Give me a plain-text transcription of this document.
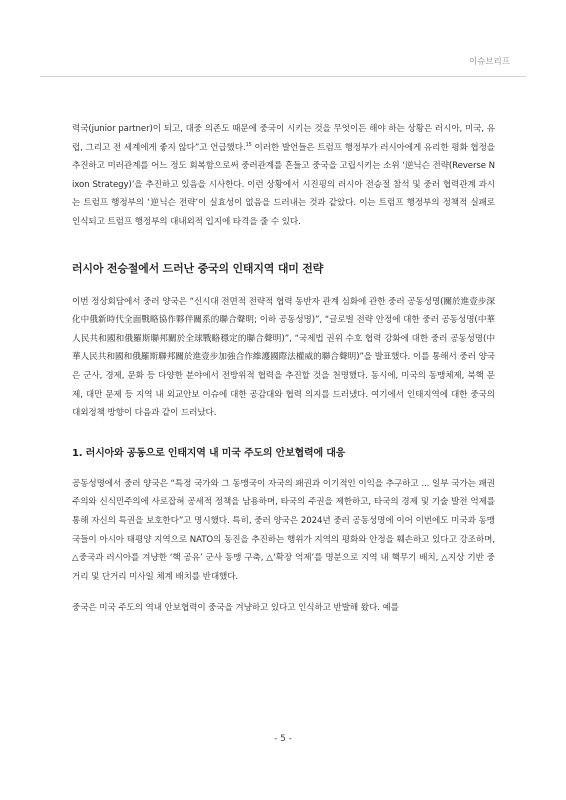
이슈브리프

력국(junior partner)이 되고, 대중 의존도 때문에 중국이 시키는 것을 무엇이든 해야 하는 상황은 러시아, 미국, 유럽, 그리고 전 세계에게 좋지 않다”고 언급했다.$^{15}$ 이러한 발언들은 트럼프 행정부가 러시아에게 유리한 평화 협정을 추진하고 미러관계를 어느 정도 회복함으로써 중러관계를 흔들고 중국을 고립시키는 소위 ‘逆닉슨 전략(Reverse Nixon Strategy)’을 추진하고 있음을 시사한다. 이런 상황에서 시진핑의 러시아 전승절 참석 및 중러 협력관계 과시는 트럼프 행정부의 ‘逆닉슨 전략’이 실효성이 없음을 드러내는 것과 같았다. 이는 트럼프 행정부의 정책적 실패로 인식되고 트럼프 행정부의 대내외적 입지에 타격을 줄 수 있다.

러시아 전승절에서 드러난 중국의 인태지역 대미 전략

이번 정상회담에서 중러 양국은 “신시대 전면적 전략적 협력 동반자 관계 심화에 관한 중러 공동성명(關於進壹步深化中俄新時代全面戰略協作夥伴關系的聯合聲明; 이하 공동성명)”, “글로벌 전략 안정에 대한 중러 공동성명(中華人民共和國和俄羅斯聯邦關於全球戰略穩定的聯合聲明)”, “국제법 권위 수호 협력 강화에 대한 중러 공동성명(中華人民共和國和俄羅斯聯邦關於進壹步加強合作維護國際法權威的聯合聲明)”을 발표했다. 이를 통해서 중러 양국은 군사, 경제, 문화 등 다양한 분야에서 전방위적 협력을 추진할 것을 천명했다. 동시에, 미국의 동맹체제, 북핵 문제, 대만 문제 등 지역 내 외교안보 이슈에 대한 공감대와 협력 의지를 드러냈다. 여기에서 인태지역에 대한 중국의 대외정책 방향이 다음과 같이 드러났다.

1. 러시아와 공동으로 인태지역 내 미국 주도의 안보협력에 대응

공동성명에서 중러 양국은 “특정 국가와 그 동맹국이 자국의 패권과 이기적인 이익을 추구하고 ... 일부 국가는 패권주의와 신식민주의에 사로잡혀 공세적 정책을 남용하며, 타국의 주권을 제한하고, 타국의 경제 및 기술 발전 억제를 통해 자신의 특권을 보호한다”고 명시했다. 특히, 중러 양국은 2024년 중러 공동성명에 이어 이번에도 미국과 동맹국들이 아시아 태평양 지역으로 NATO의 동진을 추진하는 행위가 지역의 평화와 안정을 훼손하고 있다고 강조하며, △중국과 러시아를 겨냥한 ‘핵 공유’ 군사 동맹 구축, △‘확장 억제’를 명분으로 지역 내 핵무기 배치, △지상 기반 중거리 및 단거리 미사일 체계 배치를 반대했다.

중국은 미국 주도의 역내 안보협력이 중국을 겨냥하고 있다고 인식하고 반발해 왔다. 예를

- 5 -
